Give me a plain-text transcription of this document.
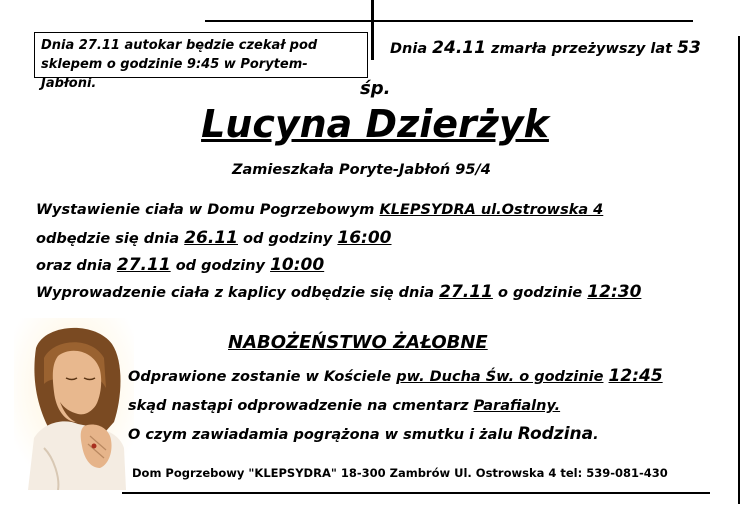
Dnia 27.11 autokar będzie czekał pod
sklepem o godzinie 9:45 w Porytem-Jabłoni.
Dnia 24.11 zmarła przeżywszy lat 53
śp.
Lucyna Dzierżyk
Zamieszkała Poryte-Jabłoń 95/4
Wystawienie ciała w Domu Pogrzebowym KLEPSYDRA ul.Ostrowska 4
odbędzie się dnia 26.11 od godziny 16:00
oraz dnia 27.11 od godziny 10:00
Wyprowadzenie ciała z kaplicy odbędzie się dnia 27.11 o godzinie 12:30
NABOŻEŃSTWO ŻAŁOBNE
Odprawione zostanie w Kościele pw. Ducha Św. o godzinie 12:45
skąd nastąpi odprowadzenie na cmentarz Parafialny.
O czym zawiadamia pogrążona w smutku i żalu Rodzina.
Dom Pogrzebowy "KLEPSYDRA" 18-300 Zambrów Ul. Ostrowska 4 tel: 539-081-430
